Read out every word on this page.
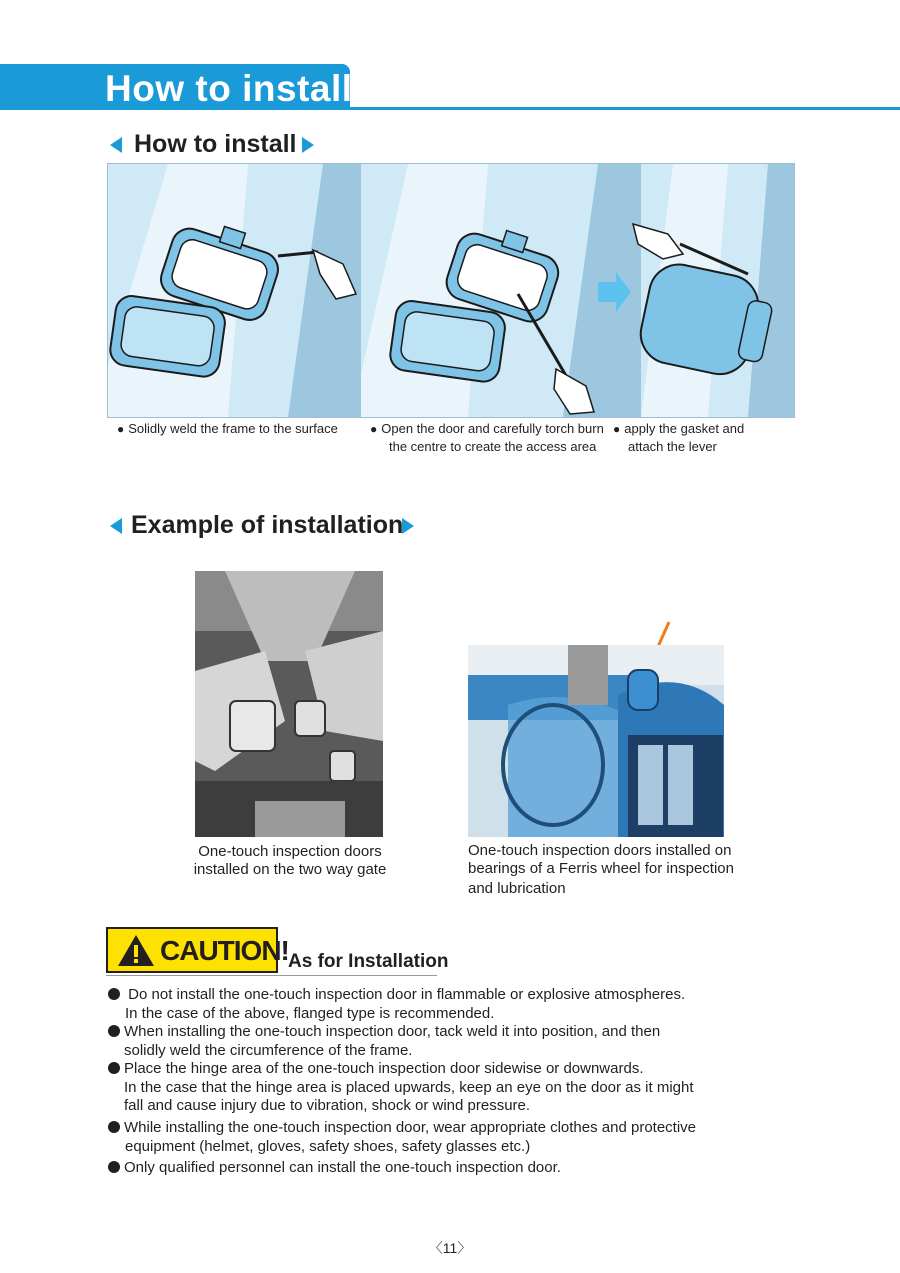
How to install
How to install
● Solidly weld the frame to the surface	● Open the door and carefully torch burn
the centre to create the access area
● apply the gasket and
attach the lever
Example of installation
One-touch inspection doors
installed on the two way gate
One-touch inspection doors installed on
bearings of a Ferris wheel for inspection
and lubrication
CAUTION! As for Installation
Do not install the one-touch inspection door in flammable or explosive atmospheres.
In the case of the above, flanged type is recommended.
When installing the one-touch inspection door, tack weld it into position, and then
solidly weld the circumference of the frame.
Place the hinge area of the one-touch inspection door sidewise or downwards.
In the case that the hinge area is placed upwards, keep an eye on the door as it might
fall and cause injury due to vibration, shock or wind pressure.
While installing the one-touch inspection door, wear appropriate clothes and protective
equipment (helmet, gloves, safety shoes, safety glasses etc.)
Only qualified personnel can install the one-touch inspection door.
〈11〉
